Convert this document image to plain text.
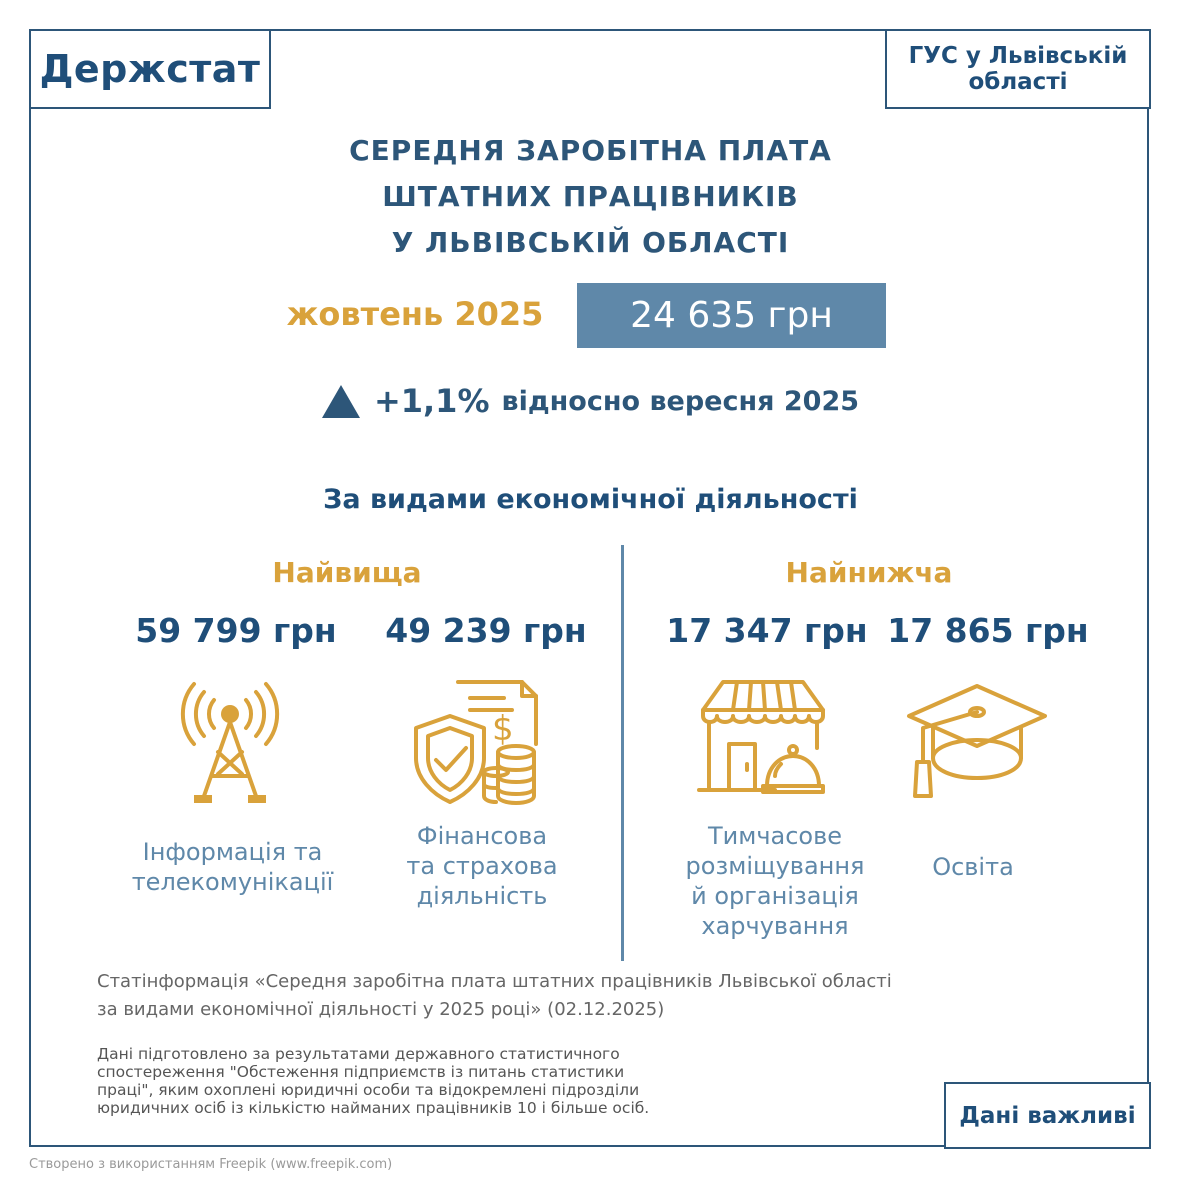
Держстат	ГУС у Львівській області
СЕРЕДНЯ ЗАРОБІТНА ПЛАТА
ШТАТНИХ ПРАЦІВНИКІВ
У ЛЬВІВСЬКІЙ ОБЛАСТІ
жовтень 2025	24 635 грн
+1,1% відносно вересня 2025
За видами економічної діяльності
Найвища
59 799 грн	49 239 грн
$
Інформація та
телекомунікації
Фінансова
та страхова
діяльність
Найнижча
17 347 грн 17 865 грн
Тимчасове
розміщування
й організація
харчування
Освіта
Статінформація «Середня заробітна плата штатних працівників Львівської області
за видами економічної діяльності у 2025 році» (02.12.2025)
Дані підготовлено за результатами державного статистичного
спостереження "Обстеження підприємств із питань статистики
праці", яким охоплені юридичні особи та відокремлені підрозділи
юридичних осіб із кількістю найманих працівників 10 і більше осіб.	Дані важливі
Створено з використанням Freepik (www.freepik.com)
